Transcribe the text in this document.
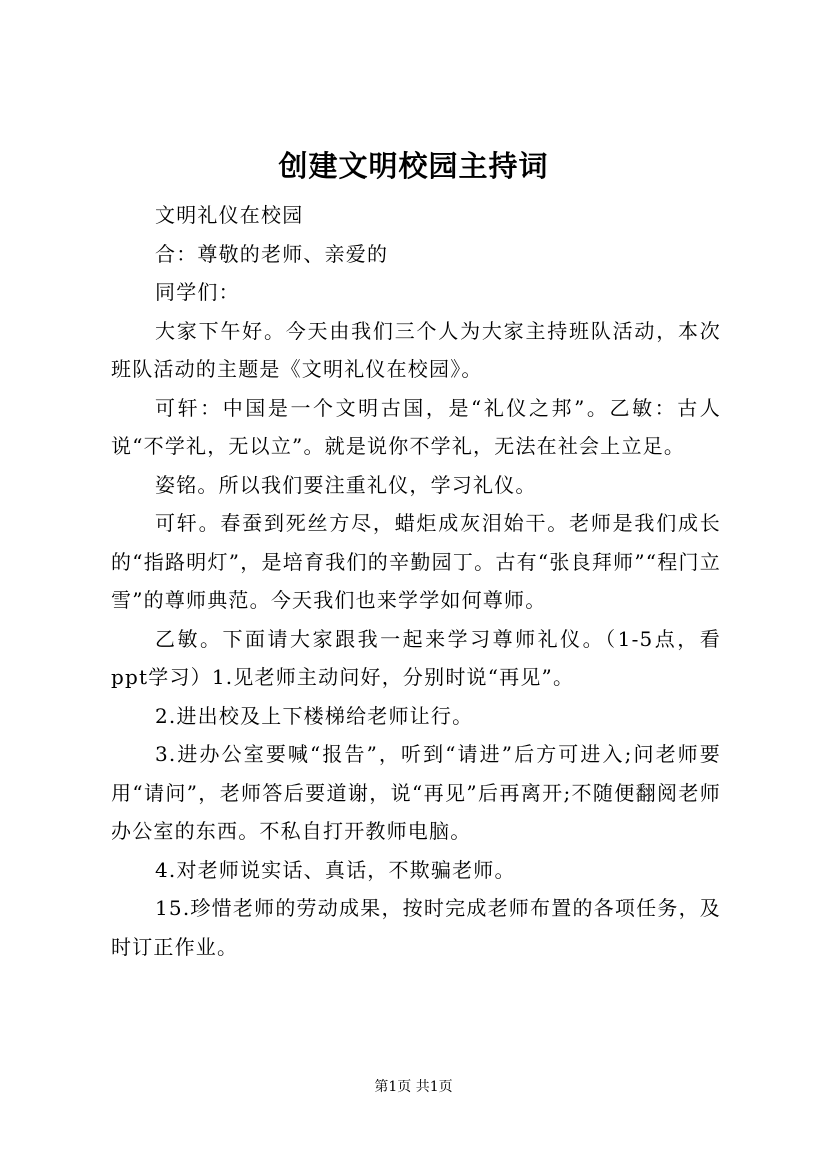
创建文明校园主持词

文明礼仪在校园

合：尊敬的老师、亲爱的

同学们：

大家下午好。今天由我们三个人为大家主持班队活动，本次班队活动的主题是《文明礼仪在校园》。

可轩：中国是一个文明古国，是“礼仪之邦”。乙敏：古人说“不学礼，无以立”。就是说你不学礼，无法在社会上立足。

姿铭。所以我们要注重礼仪，学习礼仪。

可轩。春蚕到死丝方尽，蜡炬成灰泪始干。老师是我们成长的“指路明灯”，是培育我们的辛勤园丁。古有“张良拜师”“程门立雪”的尊师典范。今天我们也来学学如何尊师。

乙敏。下面请大家跟我一起来学习尊师礼仪。（1-5点，看ppt学习）1.见老师主动问好，分别时说“再见”。

2.进出校及上下楼梯给老师让行。

3.进办公室要喊“报告”，听到“请进”后方可进入;问老师要用“请问”，老师答后要道谢，说“再见”后再离开;不随便翻阅老师办公室的东西。不私自打开教师电脑。

4.对老师说实话、真话，不欺骗老师。

15.珍惜老师的劳动成果，按时完成老师布置的各项任务，及时订正作业。

第1页 共1页
